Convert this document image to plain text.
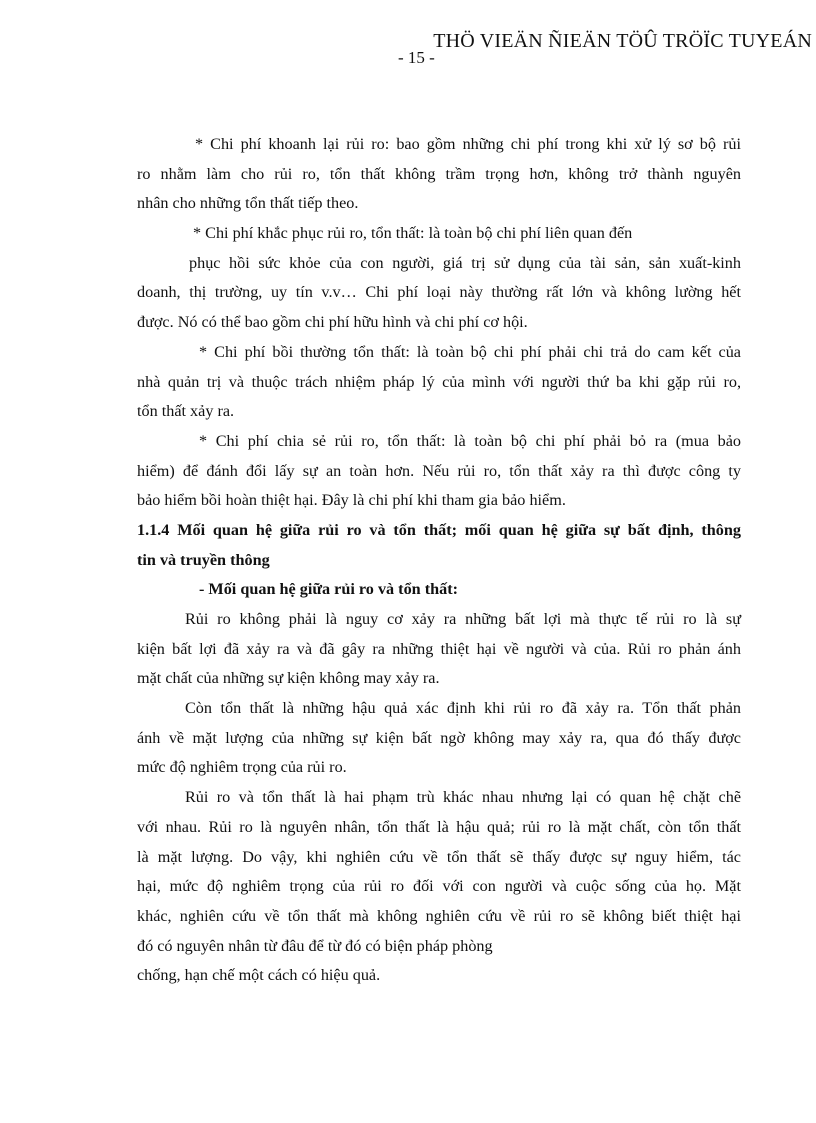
THÖ VIEÄN ÑIEÄN TÖÛ TRÖÏC TUYEÁN
- 15 -
* Chi phí khoanh lại rủi ro: bao gồm những chi phí trong khi xử lý sơ bộ rủi
ro nhằm làm cho rủi ro, tổn thất không trầm trọng hơn, không trở thành nguyên
nhân cho những tổn thất tiếp theo.
* Chi phí khắc phục rủi ro, tổn thất: là toàn bộ chi phí liên quan đến
phục hồi sức khỏe của con người, giá trị sử dụng của tài sản, sản xuất-kinh
doanh, thị trường, uy tín v.v… Chi phí loại này thường rất lớn và không lường hết
được. Nó có thể bao gồm chi phí hữu hình và chi phí cơ hội.
* Chi phí bồi thường tổn thất: là toàn bộ chi phí phải chi trả do cam kết của
nhà quản trị và thuộc trách nhiệm pháp lý của mình với người thứ ba khi gặp rủi ro,
tổn thất xảy ra.
* Chi phí chia sẻ rủi ro, tổn thất: là toàn bộ chi phí phải bỏ ra (mua bảo
hiểm) để đánh đổi lấy sự an toàn hơn. Nếu rủi ro, tổn thất xảy ra thì được công ty
bảo hiểm bồi hoàn thiệt hại. Đây là chi phí khi tham gia bảo hiểm.
1.1.4 Mối quan hệ giữa rủi ro và tổn thất; mối quan hệ giữa sự bất định, thông
tin và truyền thông
- Mối quan hệ giữa rủi ro và tổn thất:
Rủi ro không phải là nguy cơ xảy ra những bất lợi mà thực tế rủi ro là sự
kiện bất lợi đã xảy ra và đã gây ra những thiệt hại về người và của. Rủi ro phản ánh
mặt chất của những sự kiện không may xảy ra.
Còn tổn thất là những hậu quả xác định khi rủi ro đã xảy ra. Tổn thất phản
ánh về mặt lượng của những sự kiện bất ngờ không may xảy ra, qua đó thấy được
mức độ nghiêm trọng của rủi ro.
Rủi ro và tổn thất là hai phạm trù khác nhau nhưng lại có quan hệ chặt chẽ
với nhau. Rủi ro là nguyên nhân, tổn thất là hậu quả; rủi ro là mặt chất, còn tổn thất
là mặt lượng. Do vậy, khi nghiên cứu về tổn thất sẽ thấy được sự nguy hiểm, tác
hại, mức độ nghiêm trọng của rủi ro đối với con người và cuộc sống của họ. Mặt
khác, nghiên cứu về tổn thất mà không nghiên cứu về rủi ro sẽ không biết thiệt hại
đó có nguyên nhân từ đâu để từ đó có biện pháp phòng
chống, hạn chế một cách có hiệu quả.
